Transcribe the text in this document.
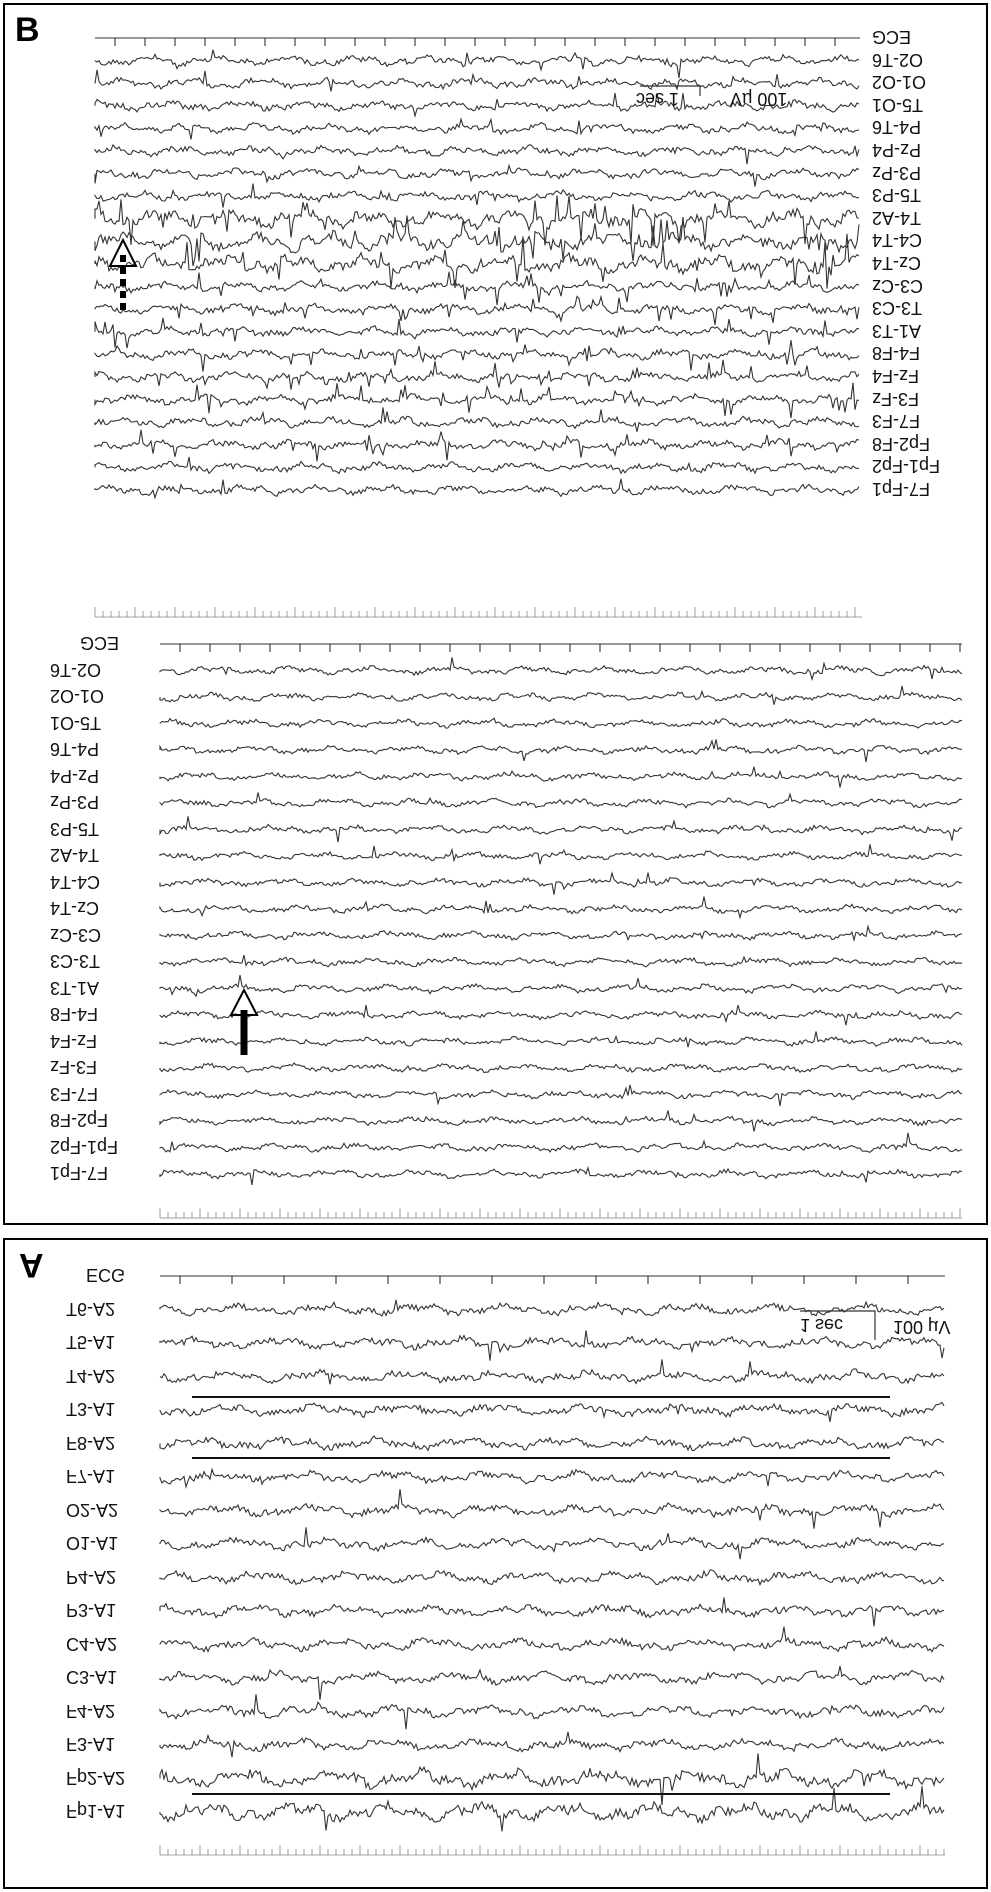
B
A
ECG
O2-T6
O1-O2
T5-O1
P4-T6
Pz-P4
P3-Pz
T5-P3
T4-A2
C4-T4
Cz-T4
C3-Cz
T3-C3
A1-T3
F4-F8
Fz-F4
F3-Fz
F7-F3
Fp2-F8
Fp1-Fp2
F7-Fp1
1 sec	100 µV
ECG
O2-T6
O1-O2
T5-O1
P4-T6
Pz-P4
P3-Pz
T5-P3
T4-A2
C4-T4
Cz-T4
C3-Cz
T3-C3
A1-T3
F4-F8
Fz-F4
F3-Fz
F7-F3
Fp2-F8
Fp1-Fp2
F7-Fp1
ECG
T6-A2
T5-A1
T4-A2
T3-A1
F8-A2
F7-A1
O2-A2
O1-A1
P4-A2
P3-A1
C4-A2
C3-A1
F4-A2
F3-A1
Fp2-A2
Fp1-A1
1 sec	100 µV
